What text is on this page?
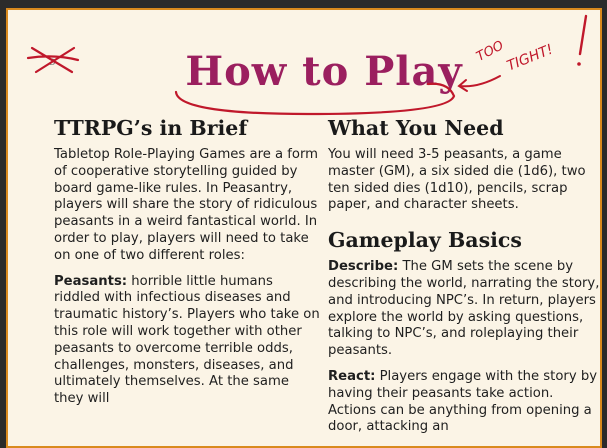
5	How to Play
TTRPG’s in Brief

Tabletop Role-Playing Games are a form of cooperative storytelling guided by board game-like rules. In Peasantry, players will share the story of ridiculous peasants in a weird fantastical world. In order to play, players will need to take on one of two different roles:

Peasants: horrible little humans riddled with infectious diseases and traumatic history’s. Players who take on this role will work together with other peasants to overcome terrible odds, challenges, monsters, diseases, and ultimately themselves. At the same they will

What You Need

You will need 3-5 peasants, a game master (GM), a six sided die (1d6), two ten sided dies (1d10), pencils, scrap paper, and character sheets.

Gameplay Basics

Describe: The GM sets the scene by describing the world, narrating the story, and introducing NPC’s. In return, players explore the world by asking questions, talking to NPC’s, and roleplaying their peasants.

React: Players engage with the story by having their peasants take action. Actions can be anything from opening a door, attacking an

TOO
TIGHT!
